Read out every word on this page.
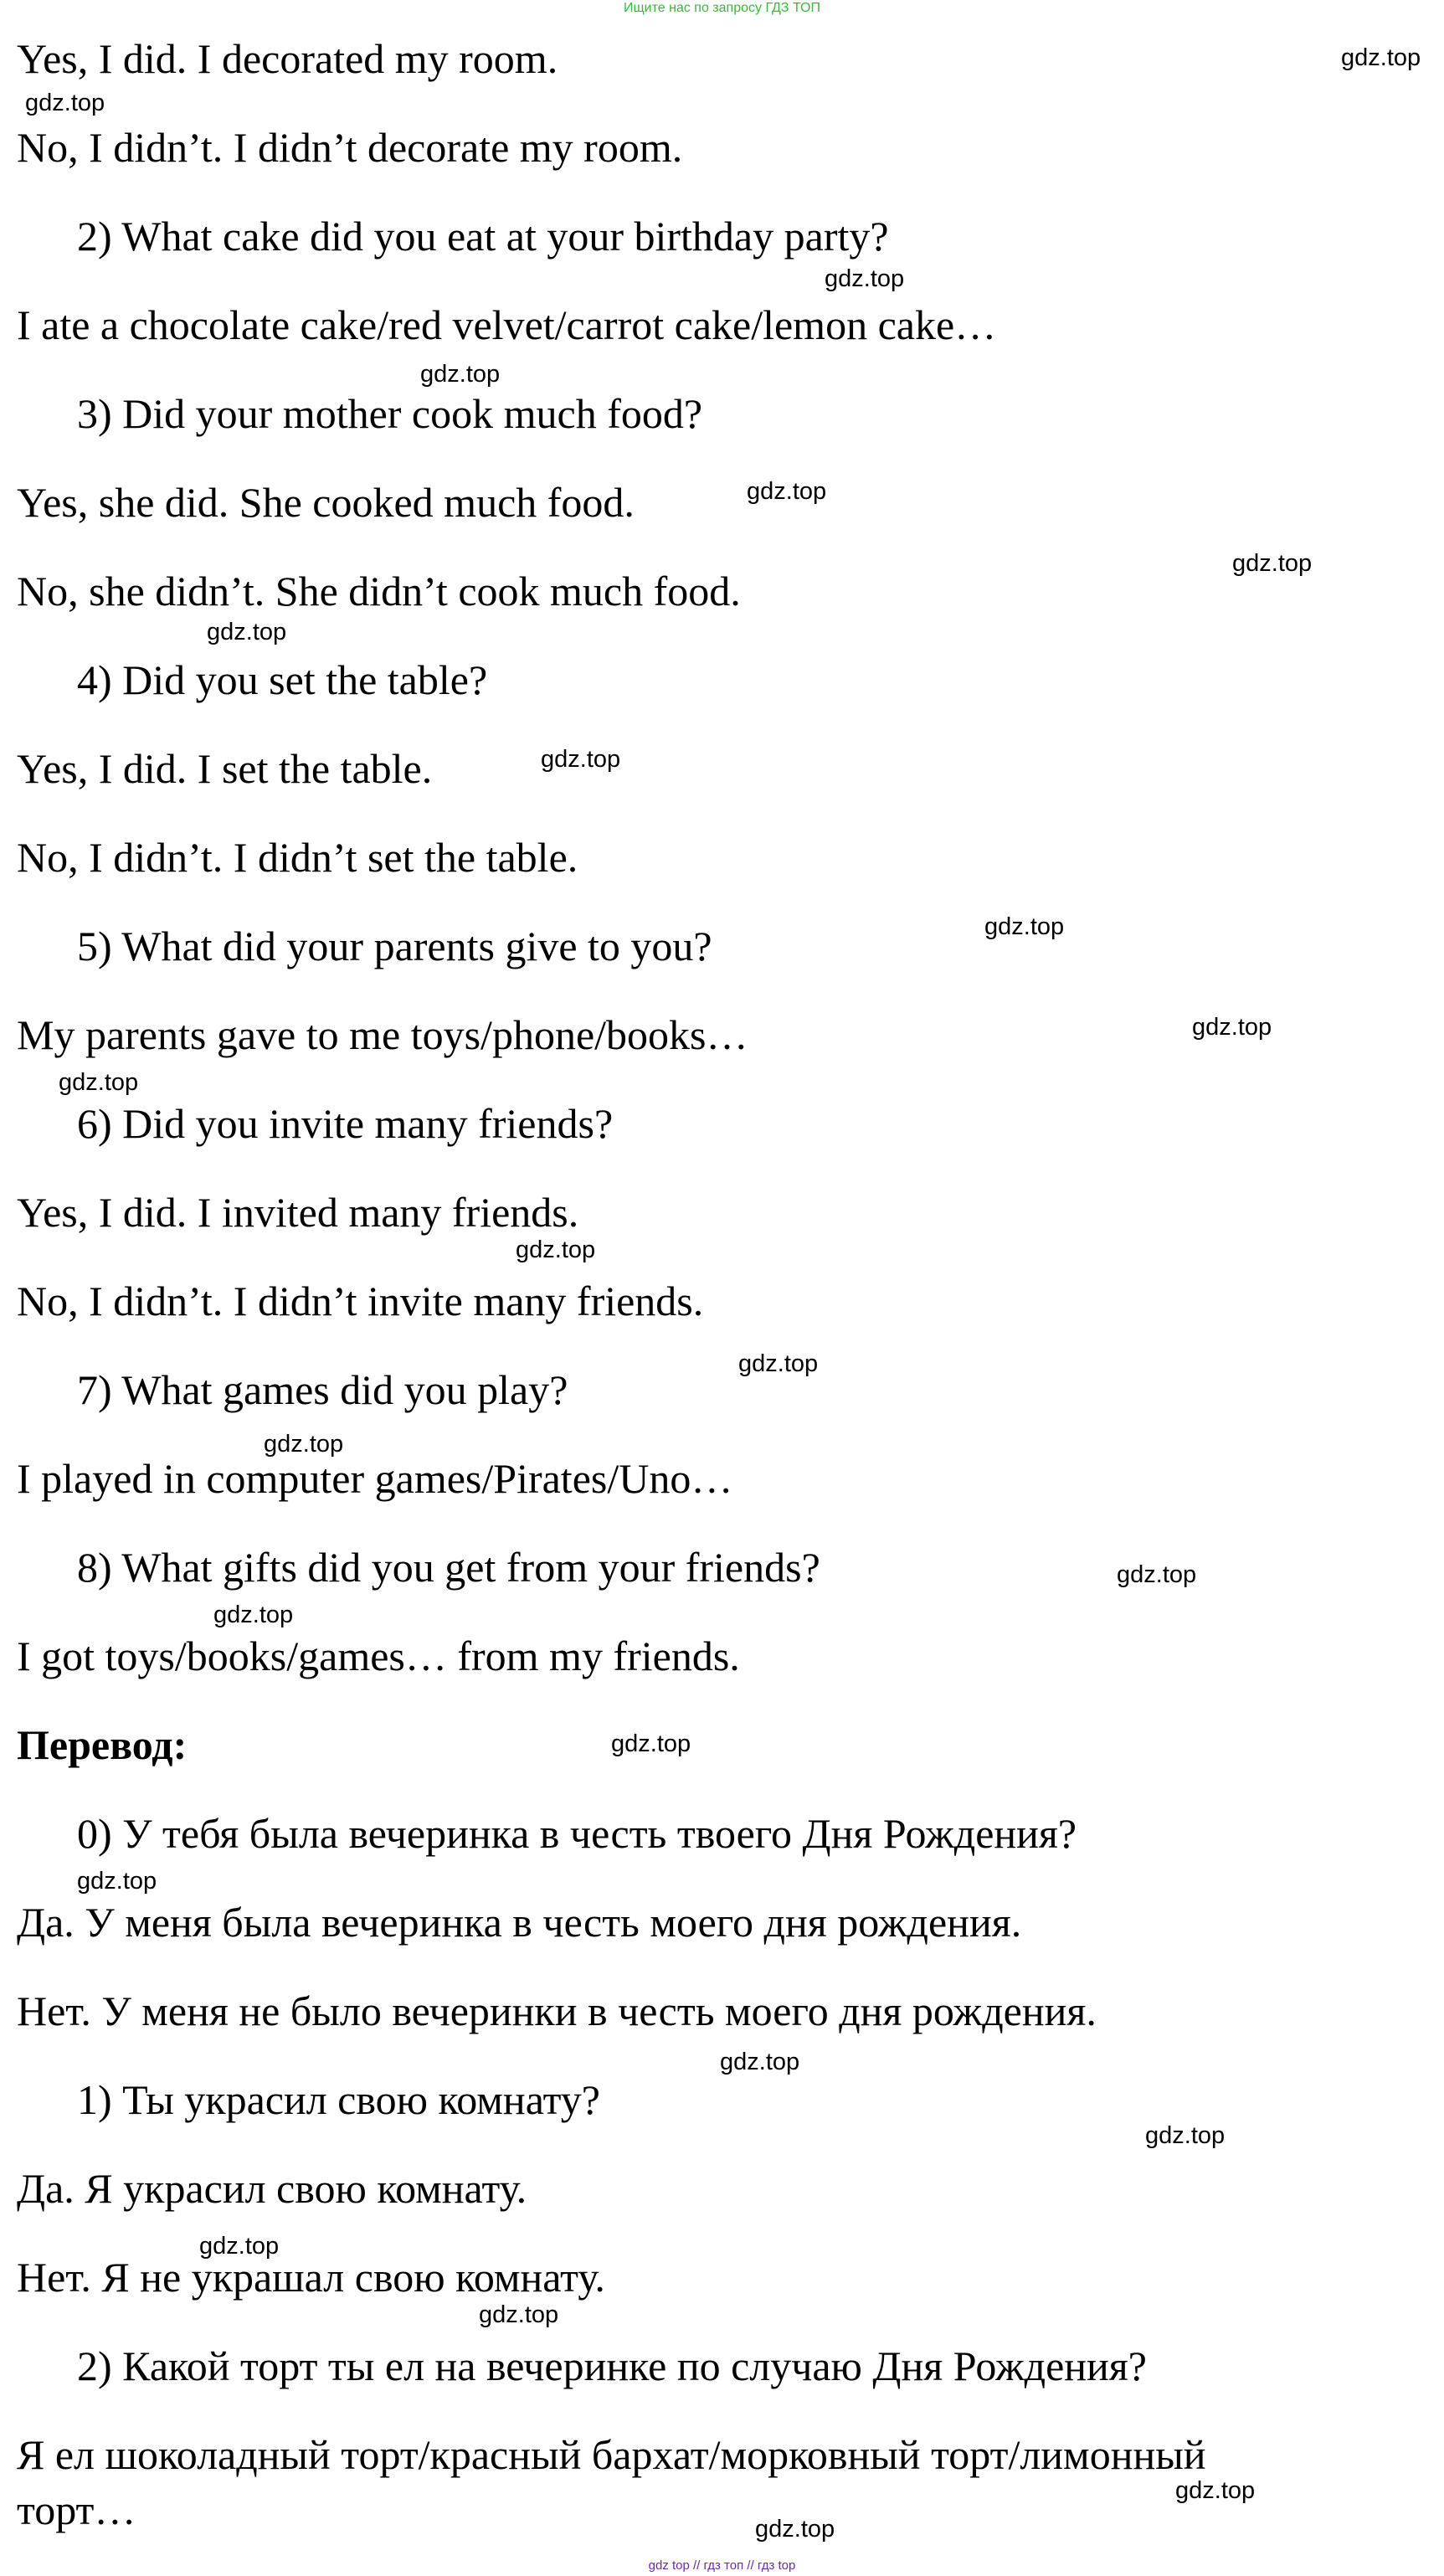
Ищите нас по запросу ГДЗ ТОП
Yes, I did. I decorated my room.
No, I didn’t. I didn’t decorate my room.
2) What cake did you eat at your birthday party?
I ate a chocolate cake/red velvet/carrot cake/lemon cake…
3) Did your mother cook much food?
Yes, she did. She cooked much food.
No, she didn’t. She didn’t cook much food.
4) Did you set the table?
Yes, I did. I set the table.
No, I didn’t. I didn’t set the table.
5) What did your parents give to you?
My parents gave to me toys/phone/books…
6) Did you invite many friends?
Yes, I did. I invited many friends.
No, I didn’t. I didn’t invite many friends.
7) What games did you play?
I played in computer games/Pirates/Uno…
8) What gifts did you get from your friends?
I got toys/books/games… from my friends.
Перевод:
0) У тебя была вечеринка в честь твоего Дня Рождения?
Да. У меня была вечеринка в честь моего дня рождения.
Нет. У меня не было вечеринки в честь моего дня рождения.
1) Ты украсил свою комнату?
Да. Я украсил свою комнату.
Нет. Я не украшал свою комнату.
2) Какой торт ты ел на вечеринке по случаю Дня Рождения?
Я ел шоколадный торт/красный бархат/морковный торт/лимонный
торт…
gdz.top
gdz.top
gdz.top
gdz.top
gdz.top
gdz.top
gdz.top
gdz.top
gdz.top
gdz.top
gdz.top
gdz.top
gdz.top
gdz.top
gdz.top
gdz.top
gdz.top
gdz.top
gdz.top
gdz.top
gdz.top
gdz.top
gdz.top
gdz.top
gdz top // гдз топ // гдз top
